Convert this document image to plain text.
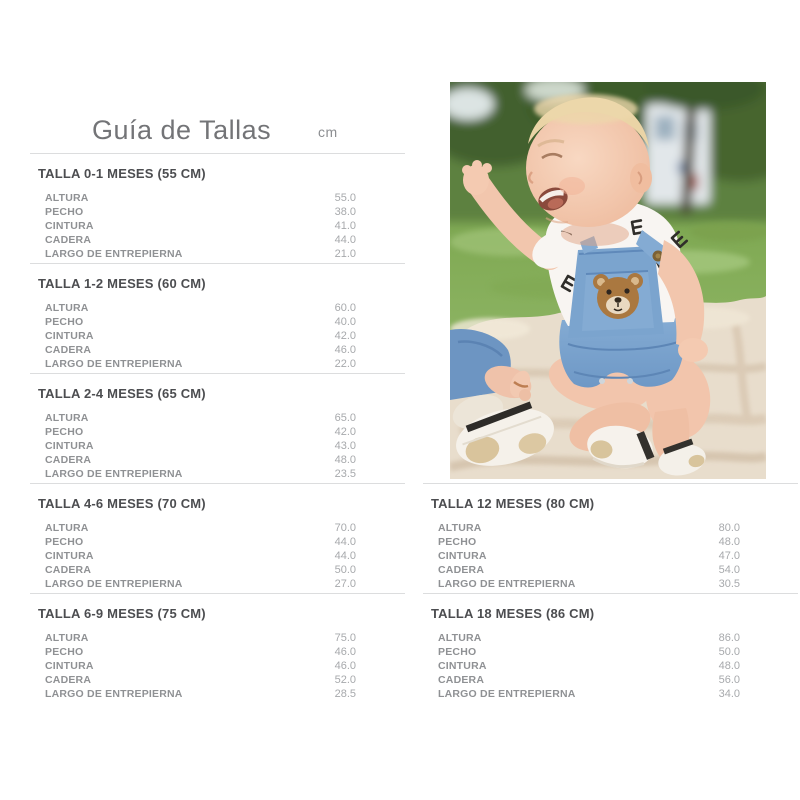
Guía de Tallas	cm
TALLA 0-1 MESES (55 CM)
ALTURA	55.0
PECHO	38.0
CINTURA	41.0
CADERA	44.0
LARGO DE ENTREPIERNA	21.0
TALLA 1-2 MESES (60 CM)
ALTURA	60.0
PECHO	40.0
CINTURA	42.0
CADERA	46.0
LARGO DE ENTREPIERNA	22.0
TALLA 2-4 MESES (65 CM)
ALTURA	65.0
PECHO	42.0
CINTURA	43.0
CADERA	48.0
LARGO DE ENTREPIERNA	23.5
TALLA 4-6 MESES (70 CM)
ALTURA	70.0
PECHO	44.0
CINTURA	44.0
CADERA	50.0
LARGO DE ENTREPIERNA	27.0
TALLA 6-9 MESES (75 CM)
ALTURA	75.0
PECHO	46.0
CINTURA	46.0
CADERA	52.0
LARGO DE ENTREPIERNA	28.5
TALLA 12 MESES (80 CM)
ALTURA	80.0
PECHO	48.0
CINTURA	47.0
CADERA	54.0
LARGO DE ENTREPIERNA	30.5
TALLA 18 MESES (86 CM)
ALTURA	86.0
PECHO	50.0
CINTURA	48.0
CADERA	56.0
LARGO DE ENTREPIERNA	34.0
